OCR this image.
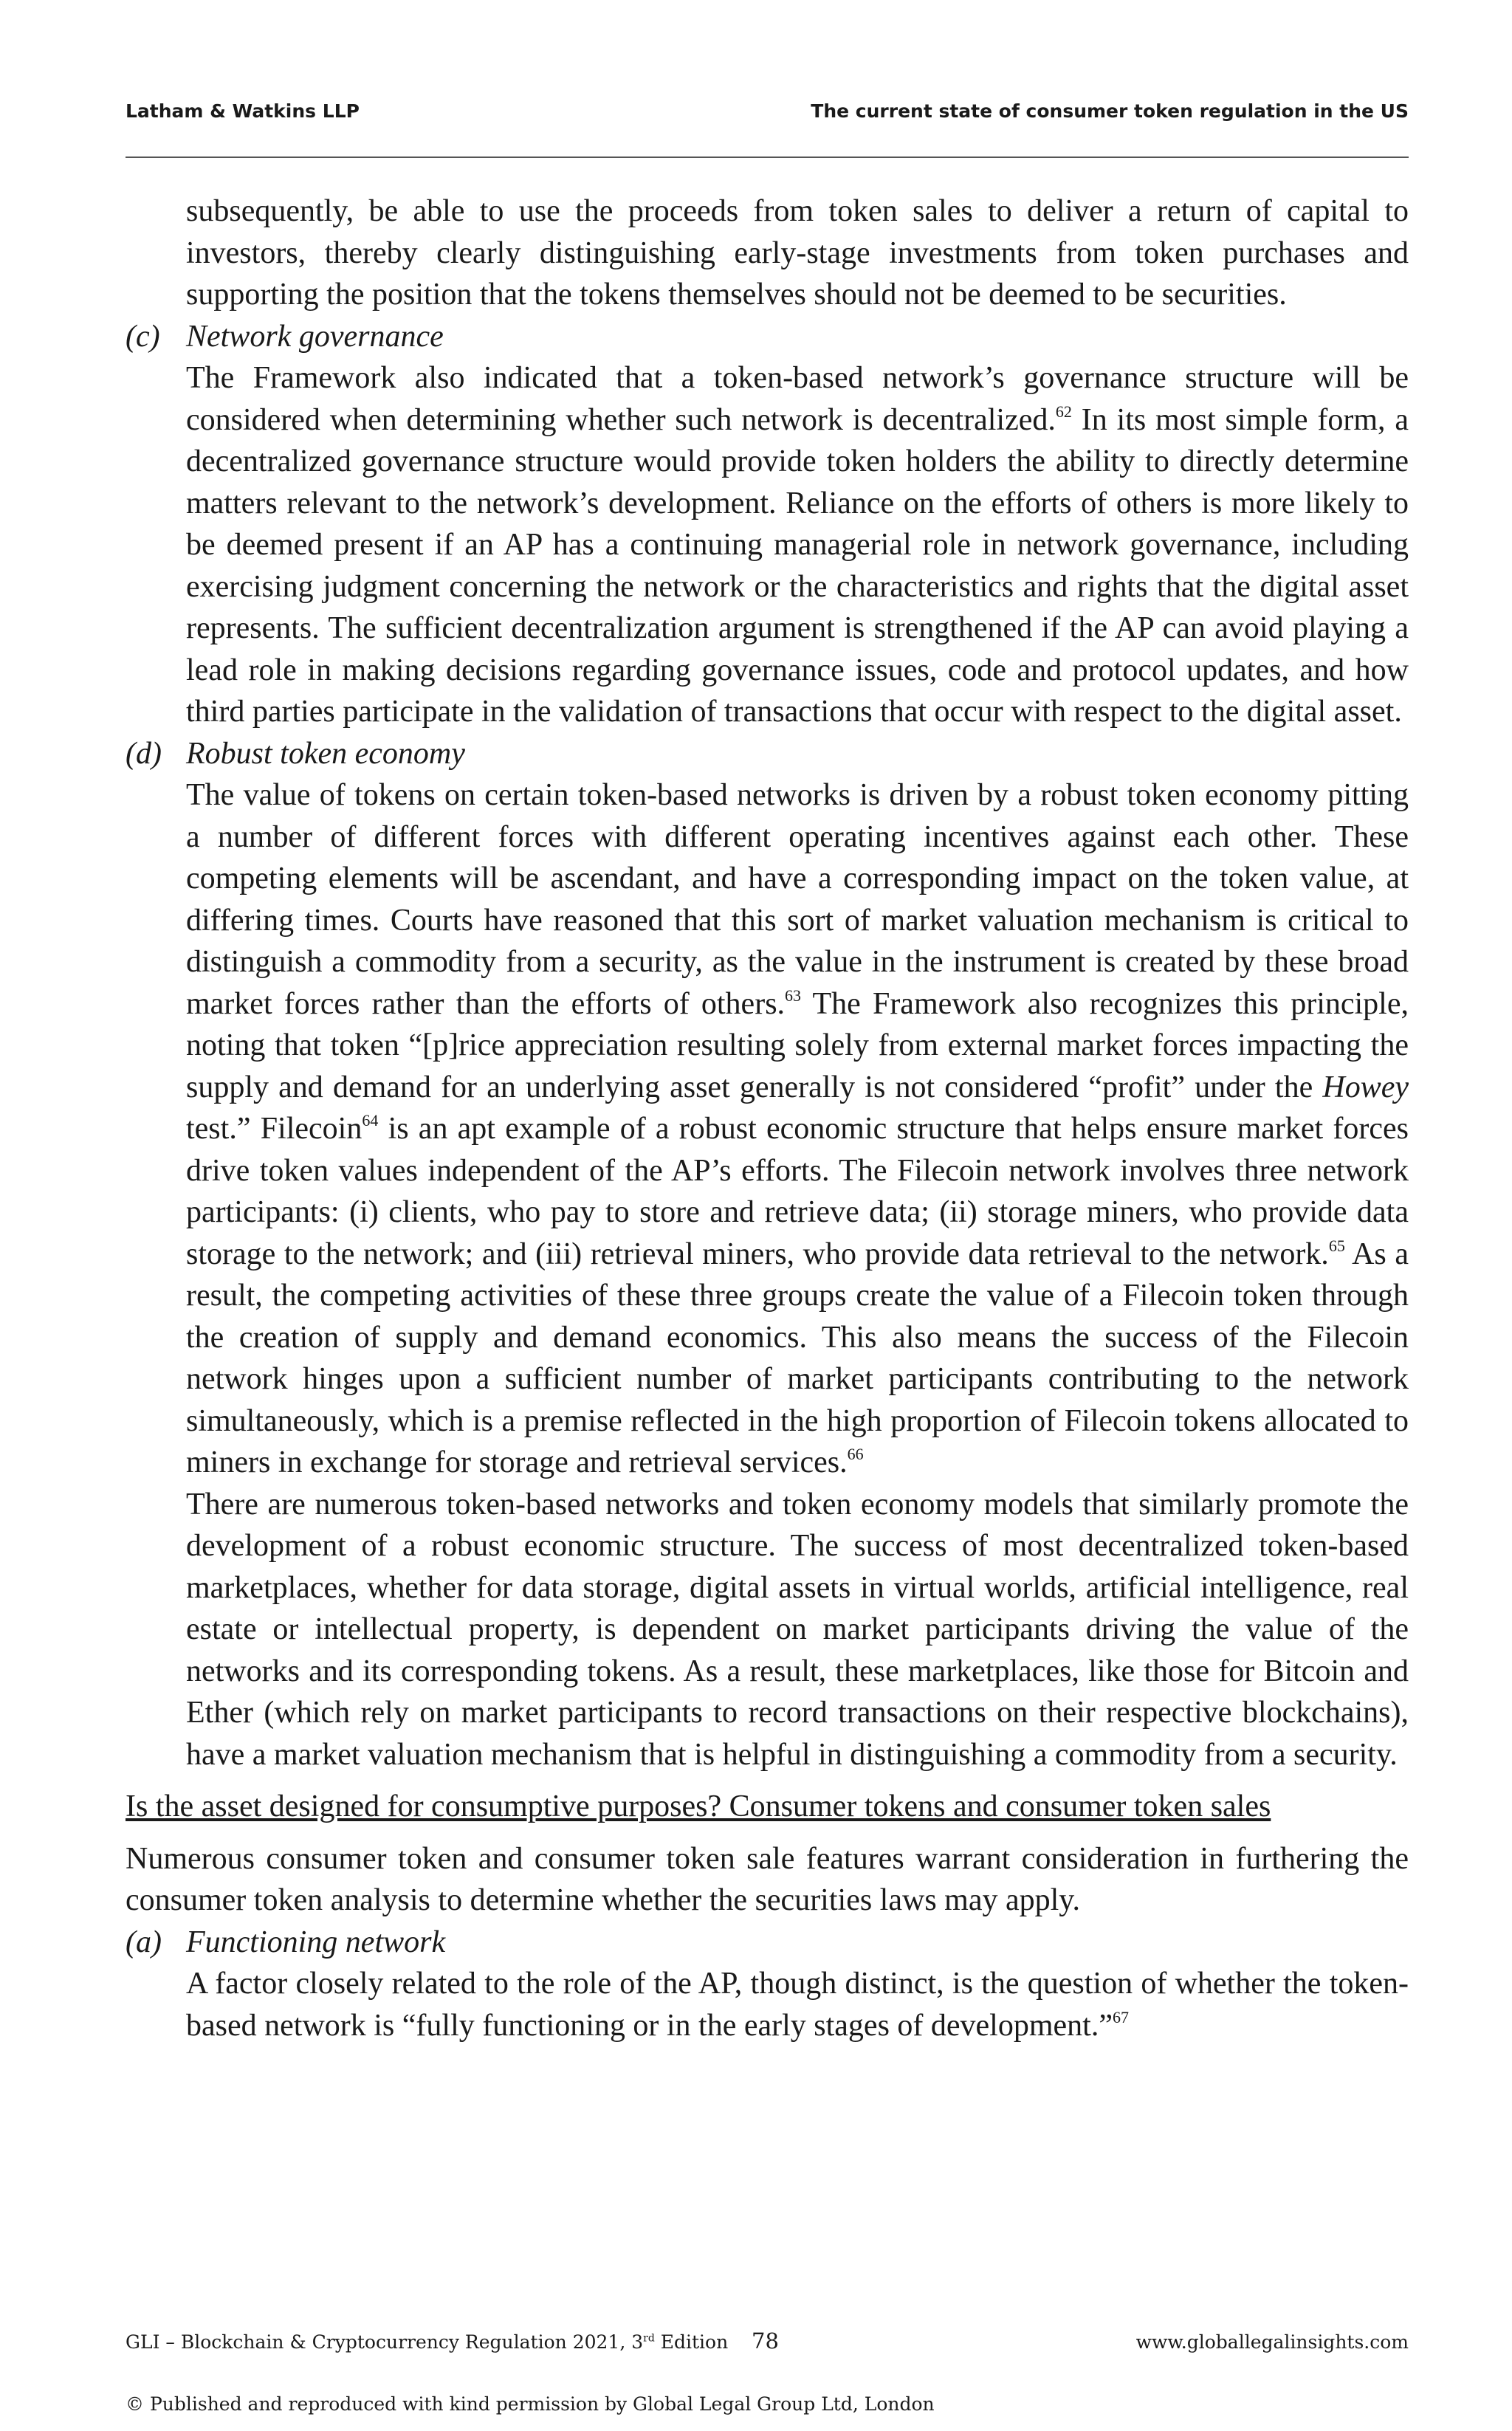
Latham & Watkins LLP	The current state of consumer token regulation in the US

subsequently, be able to use the proceeds from token sales to deliver a return of capital to investors, thereby clearly distinguishing early-stage investments from token purchases and supporting the position that the tokens themselves should not be deemed to be securities.

(c) Network governance

The Framework also indicated that a token-based network’s governance structure will be considered when determining whether such network is decentralized.$^{62}$ In its most simple form, a decentralized governance structure would provide token holders the ability to directly determine matters relevant to the network’s development. Reliance on the efforts of others is more likely to be deemed present if an AP has a continuing managerial role in network governance, including exercising judgment concerning the network or the characteristics and rights that the digital asset represents. The sufficient decentralization argument is strengthened if the AP can avoid playing a lead role in making decisions regarding governance issues, code and protocol updates, and how third parties participate in the validation of transactions that occur with respect to the digital asset.

(d) Robust token economy

The value of tokens on certain token-based networks is driven by a robust token economy pitting a number of different forces with different operating incentives against each other. These competing elements will be ascendant, and have a corresponding impact on the token value, at differing times. Courts have reasoned that this sort of market valuation mechanism is critical to distinguish a commodity from a security, as the value in the instrument is created by these broad market forces rather than the efforts of others.$^{63}$ The Framework also recognizes this principle, noting that token “[p]rice appreciation resulting solely from external market forces impacting the supply and demand for an underlying asset generally is not considered “profit” under the Howey test.” Filecoin$^{64}$ is an apt example of a robust economic structure that helps ensure market forces drive token values independent of the AP’s efforts. The Filecoin network involves three network participants: (i) clients, who pay to store and retrieve data; (ii) storage miners, who provide data storage to the network; and (iii) retrieval miners, who provide data retrieval to the network.$^{65}$ As a result, the competing activities of these three groups create the value of a Filecoin token through the creation of supply and demand economics. This also means the success of the Filecoin network hinges upon a sufficient number of market participants contributing to the network simultaneously, which is a premise reflected in the high proportion of Filecoin tokens allocated to miners in exchange for storage and retrieval services.$^{66}$

There are numerous token-based networks and token economy models that similarly promote the development of a robust economic structure. The success of most decentralized token-based marketplaces, whether for data storage, digital assets in virtual worlds, artificial intelligence, real estate or intellectual property, is dependent on market participants driving the value of the networks and its corresponding tokens. As a result, these marketplaces, like those for Bitcoin and Ether (which rely on market participants to record transactions on their respective blockchains), have a market valuation mechanism that is helpful in distinguishing a commodity from a security.

Is the asset designed for consumptive purposes? Consumer tokens and consumer token sales

Numerous consumer token and consumer token sale features warrant consideration in furthering the consumer token analysis to determine whether the securities laws may apply.

(a) Functioning network

A factor closely related to the role of the AP, though distinct, is the question of whether the token-based network is “fully functioning or in the early stages of development.”$^{67}$

GLI – Blockchain & Cryptocurrency Regulation 2021, 3rd Edition 78	www.globallegalinsights.com
© Published and reproduced with kind permission by Global Legal Group Ltd, London
